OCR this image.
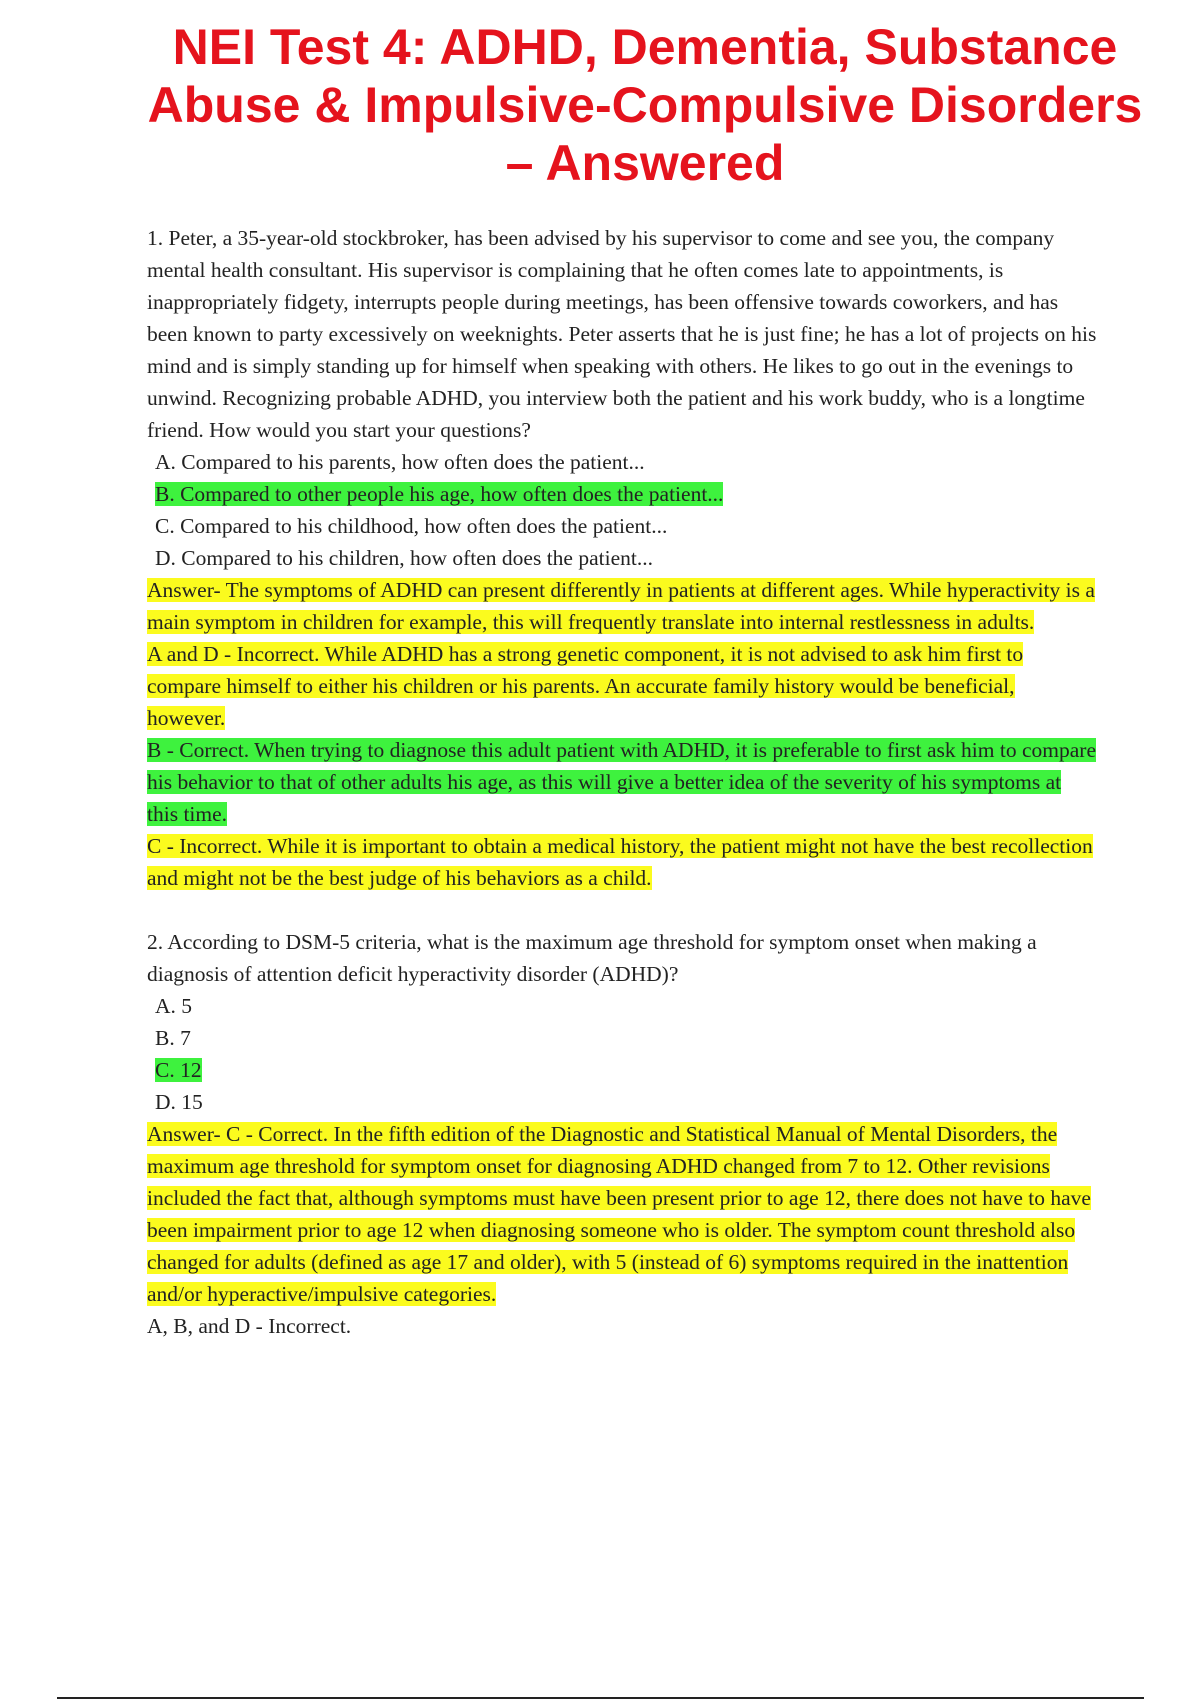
NEI Test 4: ADHD, Dementia, Substance
Abuse & Impulsive-Compulsive Disorders
– Answered

1. Peter, a 35-year-old stockbroker, has been advised by his supervisor to come and see you, the company mental health consultant. His supervisor is complaining that he often comes late to appointments, is inappropriately fidgety, interrupts people during meetings, has been offensive towards coworkers, and has been known to party excessively on weeknights. Peter asserts that he is just fine; he has a lot of projects on his mind and is simply standing up for himself when speaking with others. He likes to go out in the evenings to unwind. Recognizing probable ADHD, you interview both the patient and his work buddy, who is a longtime friend. How would you start your questions?

A. Compared to his parents, how often does the patient...

B. Compared to other people his age, how often does the patient...

C. Compared to his childhood, how often does the patient...

D. Compared to his children, how often does the patient...

Answer- The symptoms of ADHD can present differently in patients at different ages. While hyperactivity is a main symptom in children for example, this will frequently translate into internal restlessness in adults.

A and D - Incorrect. While ADHD has a strong genetic component, it is not advised to ask him first to compare himself to either his children or his parents. An accurate family history would be beneficial, however.

B - Correct. When trying to diagnose this adult patient with ADHD, it is preferable to first ask him to compare his behavior to that of other adults his age, as this will give a better idea of the severity of his symptoms at this time.

C - Incorrect. While it is important to obtain a medical history, the patient might not have the best recollection and might not be the best judge of his behaviors as a child.

2. According to DSM-5 criteria, what is the maximum age threshold for symptom onset when making a diagnosis of attention deficit hyperactivity disorder (ADHD)?

A. 5

B. 7

C. 12

D. 15

Answer- C - Correct. In the fifth edition of the Diagnostic and Statistical Manual of Mental Disorders, the maximum age threshold for symptom onset for diagnosing ADHD changed from 7 to 12. Other revisions included the fact that, although symptoms must have been present prior to age 12, there does not have to have been impairment prior to age 12 when diagnosing someone who is older. The symptom count threshold also changed for adults (defined as age 17 and older), with 5 (instead of 6) symptoms required in the inattention and/or hyperactive/impulsive categories.

A, B, and D - Incorrect.
